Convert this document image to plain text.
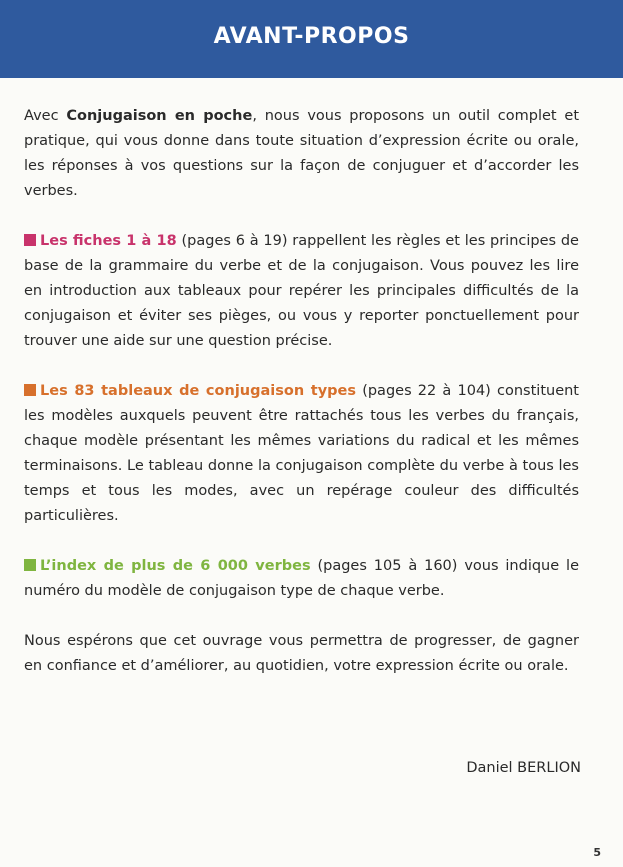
AVANT-PROPOS

Avec Conjugaison en poche, nous vous proposons un outil complet et pratique, qui vous donne dans toute situation d’expression écrite ou orale, les réponses à vos questions sur la façon de conjuguer et d’accorder les verbes.

Les fiches 1 à 18 (pages 6 à 19) rappellent les règles et les principes de base de la grammaire du verbe et de la conjugaison. Vous pouvez les lire en introduction aux tableaux pour repérer les principales difficultés de la conjugaison et éviter ses pièges, ou vous y reporter ponctuellement pour trouver une aide sur une question précise.

Les 83 tableaux de conjugaison types (pages 22 à 104) constituent les modèles auxquels peuvent être rattachés tous les verbes du français, chaque modèle présentant les mêmes variations du radical et les mêmes terminaisons. Le tableau donne la conjugaison complète du verbe à tous les temps et tous les modes, avec un repérage couleur des difficultés particulières.

L’index de plus de 6 000 verbes (pages 105 à 160) vous indique le numéro du modèle de conjugaison type de chaque verbe.

Nous espérons que cet ouvrage vous permettra de progresser, de gagner en confiance et d’améliorer, au quotidien, votre expression écrite ou orale.

Daniel BERLION

5
